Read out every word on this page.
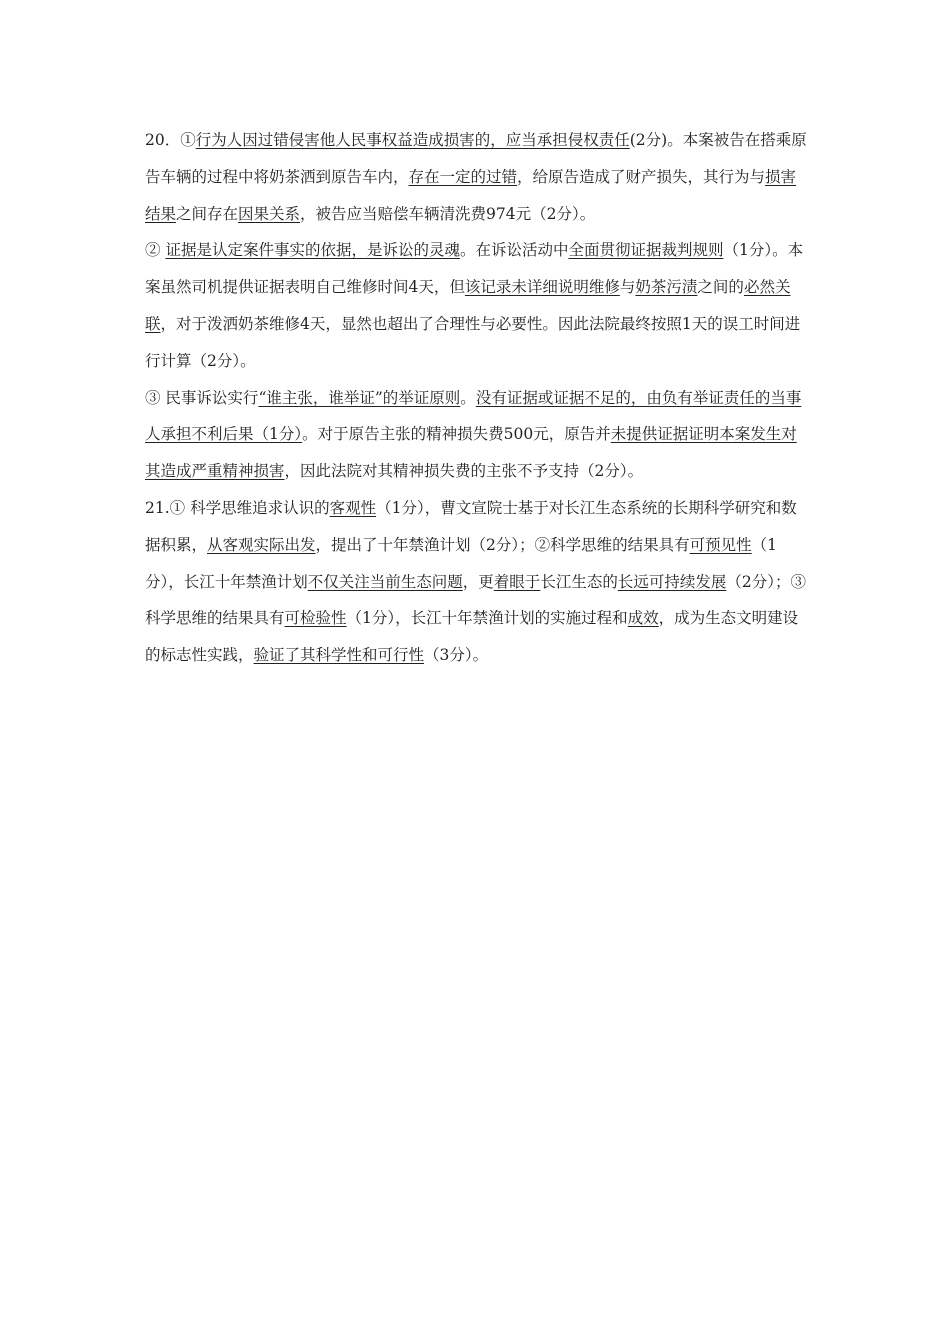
20．①行为人因过错侵害他人民事权益造成损害的，应当承担侵权责任(2分)。本案被告在搭乘原告车辆的过程中将奶茶洒到原告车内，存在一定的过错，给原告造成了财产损失，其行为与损害结果之间存在因果关系，被告应当赔偿车辆清洗费974元（2分）。

② 证据是认定案件事实的依据，是诉讼的灵魂。在诉讼活动中全面贯彻证据裁判规则（1分）。本案虽然司机提供证据表明自己维修时间4天，但该记录未详细说明维修与奶茶污渍之间的必然关联，对于泼洒奶茶维修4天，显然也超出了合理性与必要性。因此法院最终按照1天的误工时间进行计算（2分）。

③ 民事诉讼实行“谁主张，谁举证”的举证原则。没有证据或证据不足的，由负有举证责任的当事人承担不利后果（1分）。对于原告主张的精神损失费500元，原告并未提供证据证明本案发生对其造成严重精神损害，因此法院对其精神损失费的主张不予支持（2分）。

21.① 科学思维追求认识的客观性（1分），曹文宣院士基于对长江生态系统的长期科学研究和数据积累，从客观实际出发，提出了十年禁渔计划（2分）；②科学思维的结果具有可预见性（1分），长江十年禁渔计划不仅关注当前生态问题，更着眼于长江生态的长远可持续发展（2分）；③科学思维的结果具有可检验性（1分），长江十年禁渔计划的实施过程和成效，成为生态文明建设的标志性实践，验证了其科学性和可行性（3分）。
